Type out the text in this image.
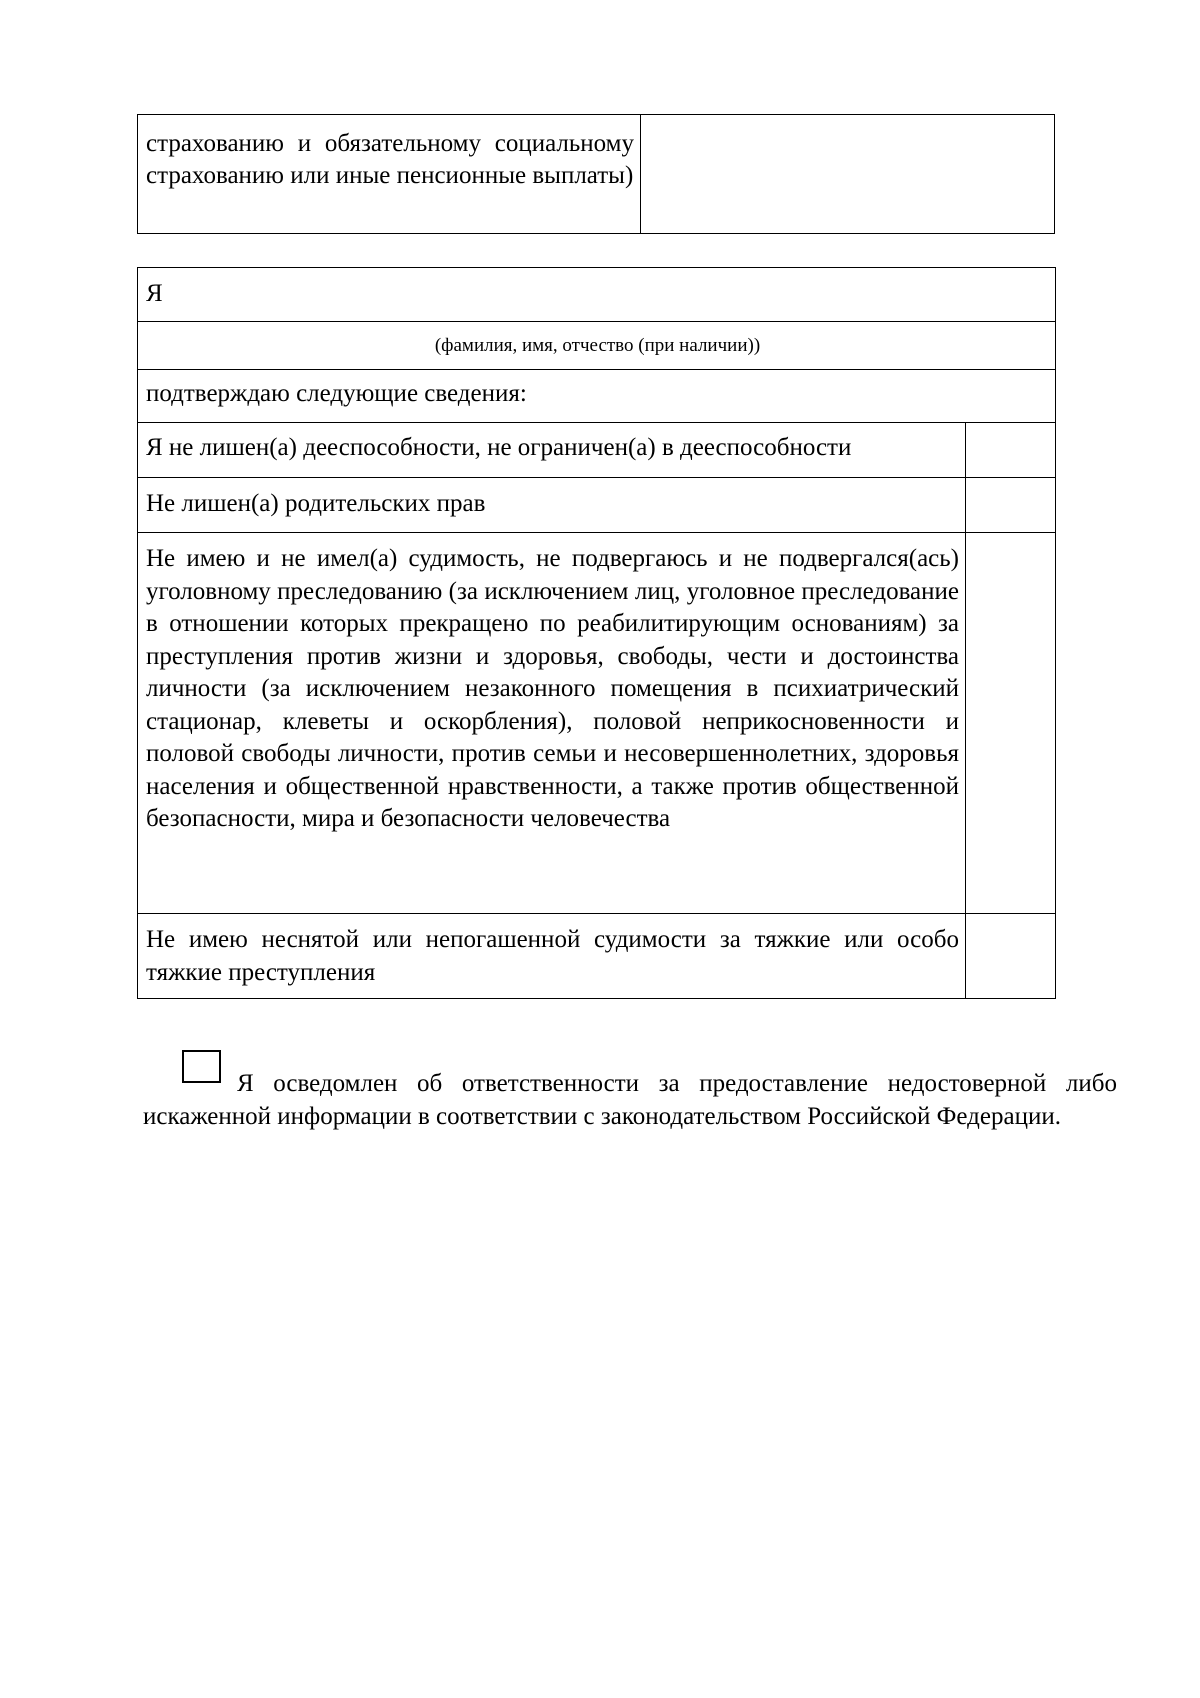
страхованию и обязательному социальному страхованию или иные пенсионные выплаты)
Я
(фамилия, имя, отчество (при наличии))
подтверждаю следующие сведения:
Я не лишен(а) дееспособности, не ограничен(а) в дееспособности
Не лишен(а) родительских прав
Не имею и не имел(а) судимость, не подвергаюсь и не подвергался(ась) уголовному преследованию (за исключением лиц, уголовное преследование в отношении которых прекращено по реабилитирующим основаниям) за преступления против жизни и здоровья, свободы, чести и достоинства личности (за исключением незаконного помещения в психиатрический стационар, клеветы и оскорбления), половой неприкосновенности и половой свободы личности, против семьи и несовершеннолетних, здоровья населения и общественной нравственности, а также против общественной безопасности, мира и безопасности человечества
Не имею неснятой или непогашенной судимости за тяжкие или особо тяжкие преступления
Я осведомлен об ответственности за предоставление недостоверной либо искаженной информации в соответствии с законодательством Российской Федерации.
